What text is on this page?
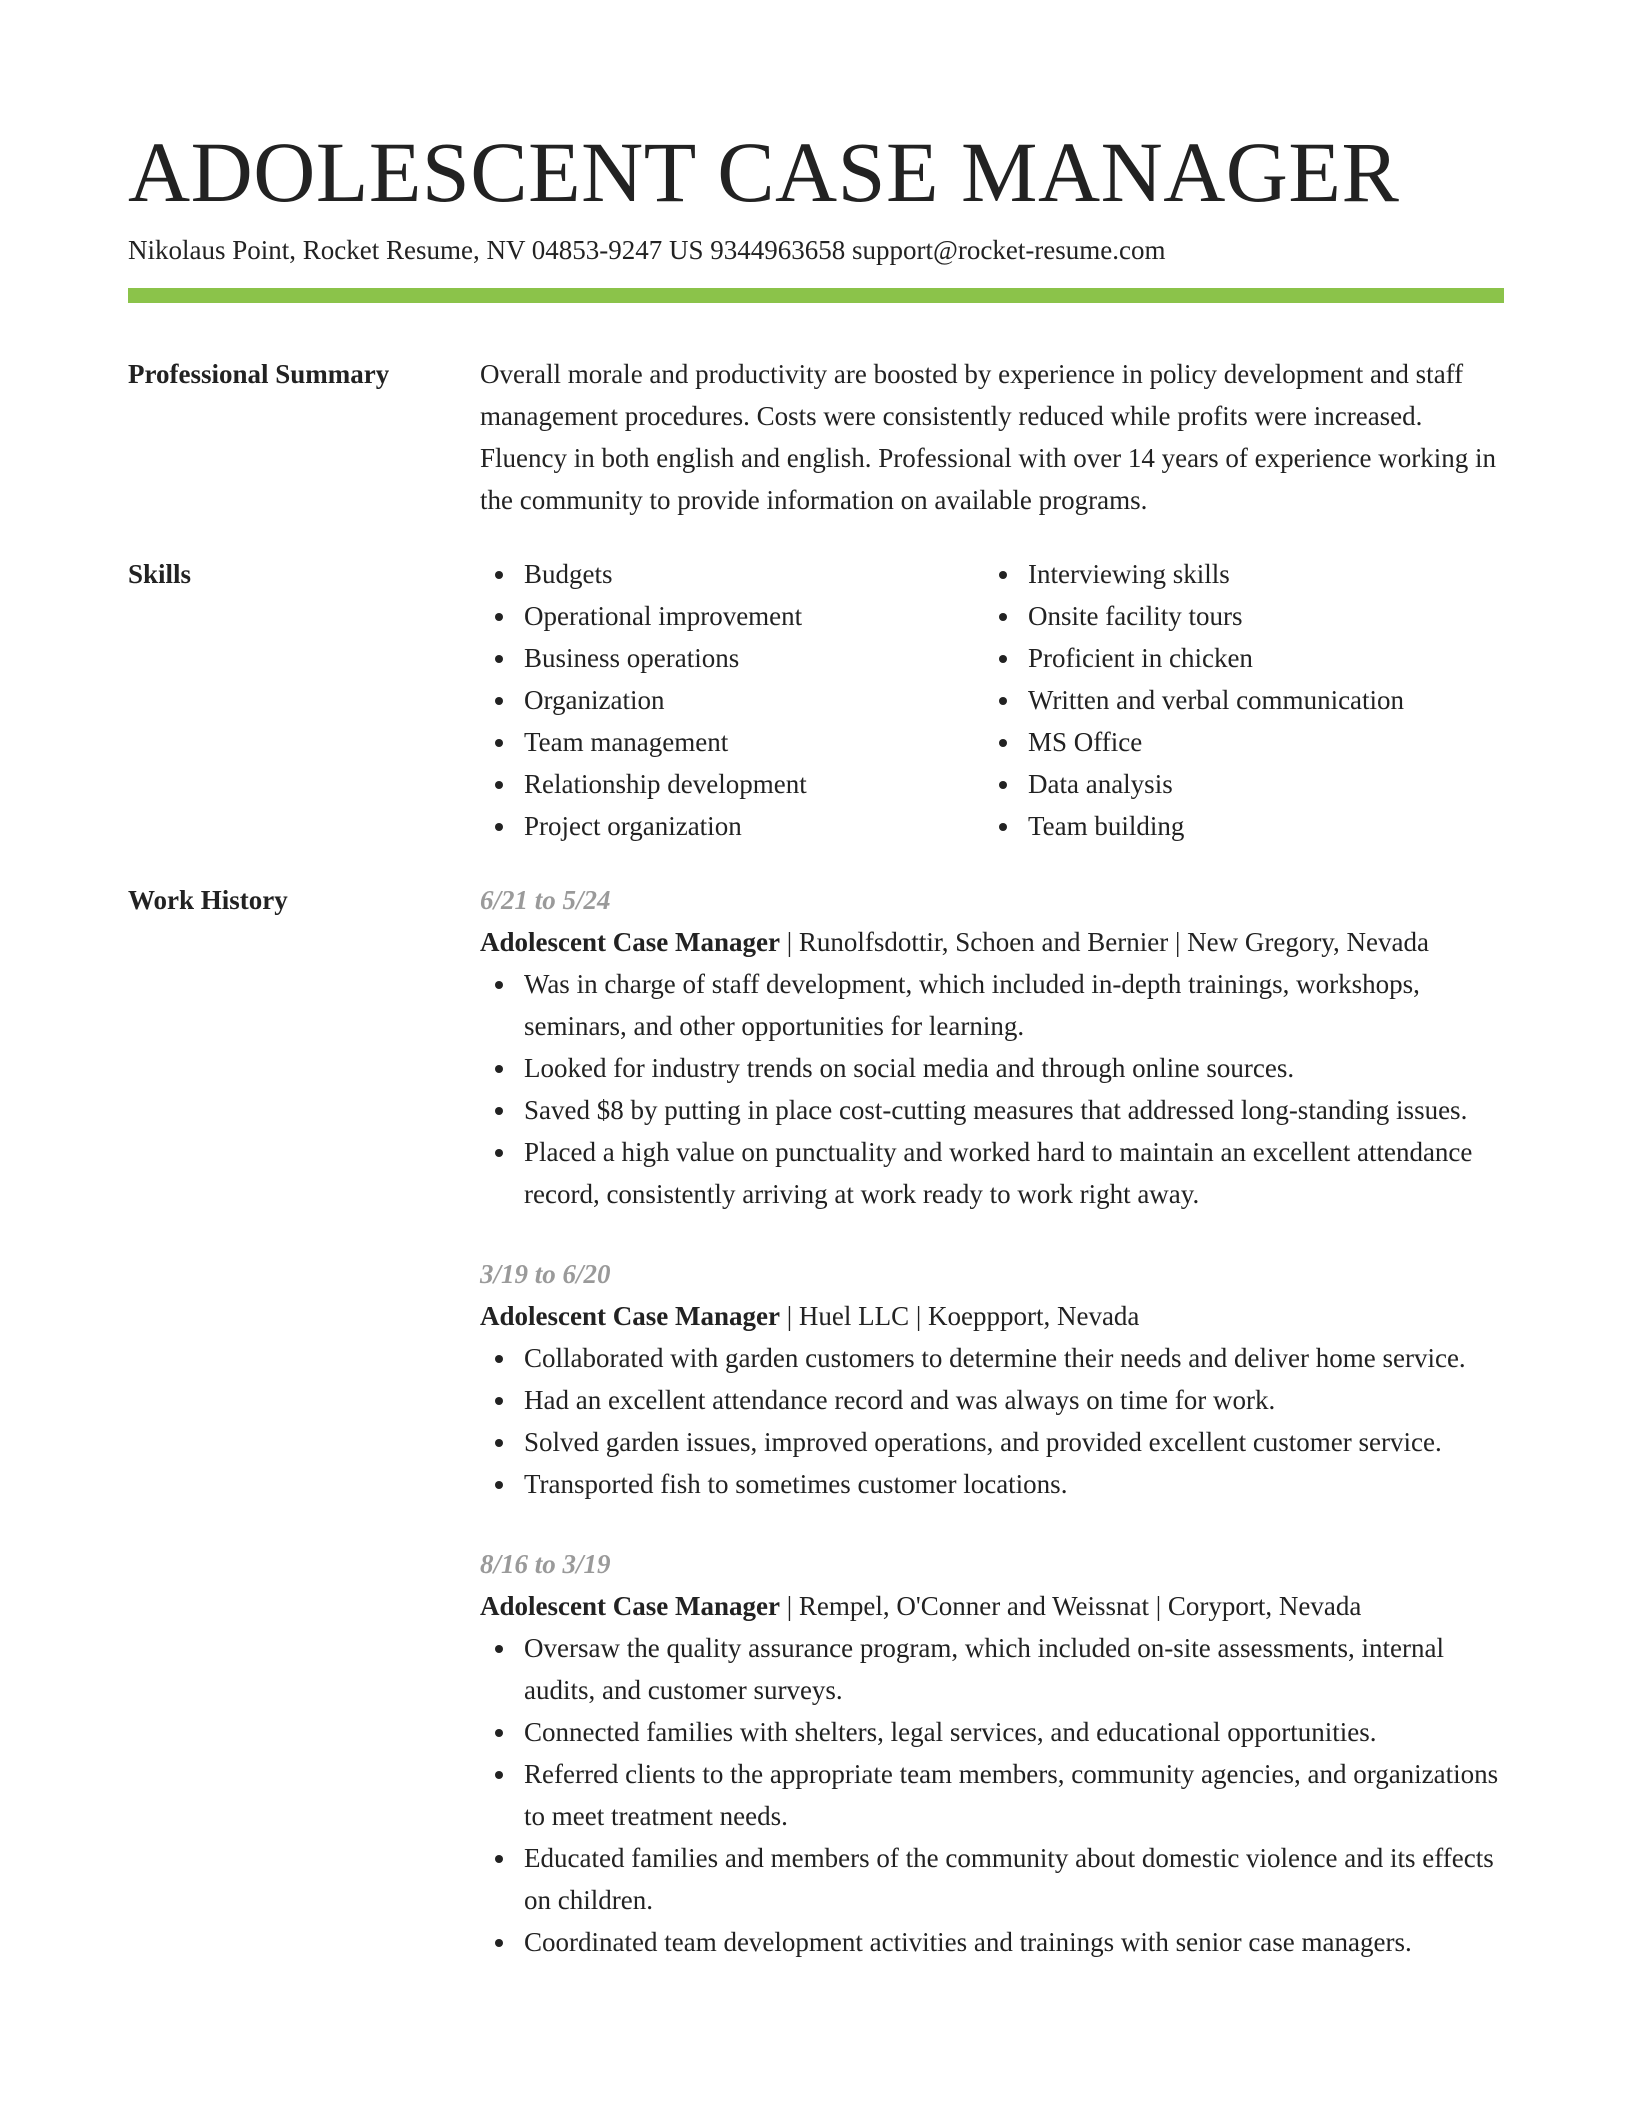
ADOLESCENT CASE MANAGER
Nikolaus Point, Rocket Resume, NV 04853-9247 US 9344963658 support@rocket-resume.com
Professional Summary	Overall morale and productivity are boosted by experience in policy development and staff management procedures. Costs were consistently reduced while profits were increased. Fluency in both english and english. Professional with over 14 years of experience working in the community to provide information on available programs.
Skills	Budgets
Operational improvement
Business operations
Organization
Team management
Relationship development
Project organization
Interviewing skills
Onsite facility tours
Proficient in chicken
Written and verbal communication
MS Office
Data analysis
Team building
Work History	6/21 to 5/24
Adolescent Case Manager | Runolfsdottir, Schoen and Bernier | New Gregory, Nevada
Was in charge of staff development, which included in-depth trainings, workshops, seminars, and other opportunities for learning.
Looked for industry trends on social media and through online sources.
Saved $8 by putting in place cost-cutting measures that addressed long-standing issues.
Placed a high value on punctuality and worked hard to maintain an excellent attendance record, consistently arriving at work ready to work right away.
3/19 to 6/20
Adolescent Case Manager | Huel LLC | Koeppport, Nevada
Collaborated with garden customers to determine their needs and deliver home service.
Had an excellent attendance record and was always on time for work.
Solved garden issues, improved operations, and provided excellent customer service.
Transported fish to sometimes customer locations.
8/16 to 3/19
Adolescent Case Manager | Rempel, O'Conner and Weissnat | Coryport, Nevada
Oversaw the quality assurance program, which included on-site assessments, internal audits, and customer surveys.
Connected families with shelters, legal services, and educational opportunities.
Referred clients to the appropriate team members, community agencies, and organizations to meet treatment needs.
Educated families and members of the community about domestic violence and its effects on children.
Coordinated team development activities and trainings with senior case managers.
